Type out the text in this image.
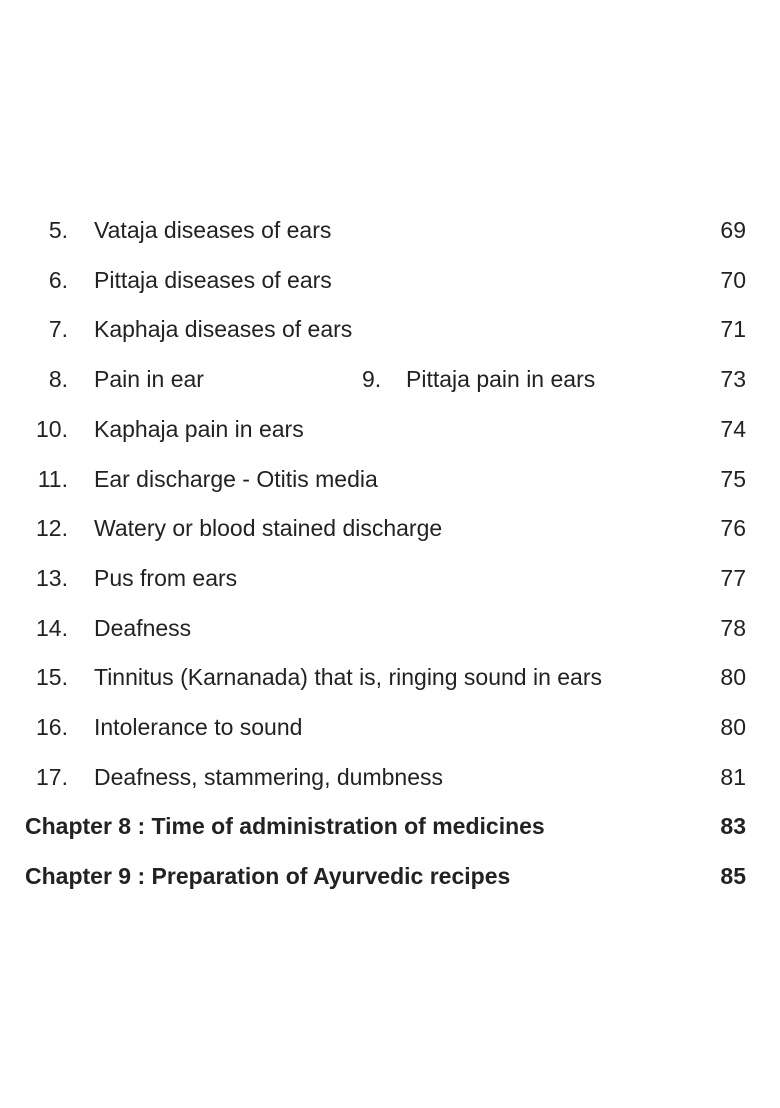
5. Vataja diseases of ears	69
6. Pittaja diseases of ears	70
7. Kaphaja diseases of ears	71
8. Pain in ear	9. Pittaja pain in ears	73
10. Kaphaja pain in ears	74
11. Ear discharge - Otitis media	75
12. Watery or blood stained discharge	76
13. Pus from ears	77
14. Deafness	78
15. Tinnitus (Karnanada) that is, ringing sound in ears	80
16. Intolerance to sound	80
17. Deafness, stammering, dumbness	81
Chapter 8 : Time of administration of medicines	83
Chapter 9 : Preparation of Ayurvedic recipes	85
